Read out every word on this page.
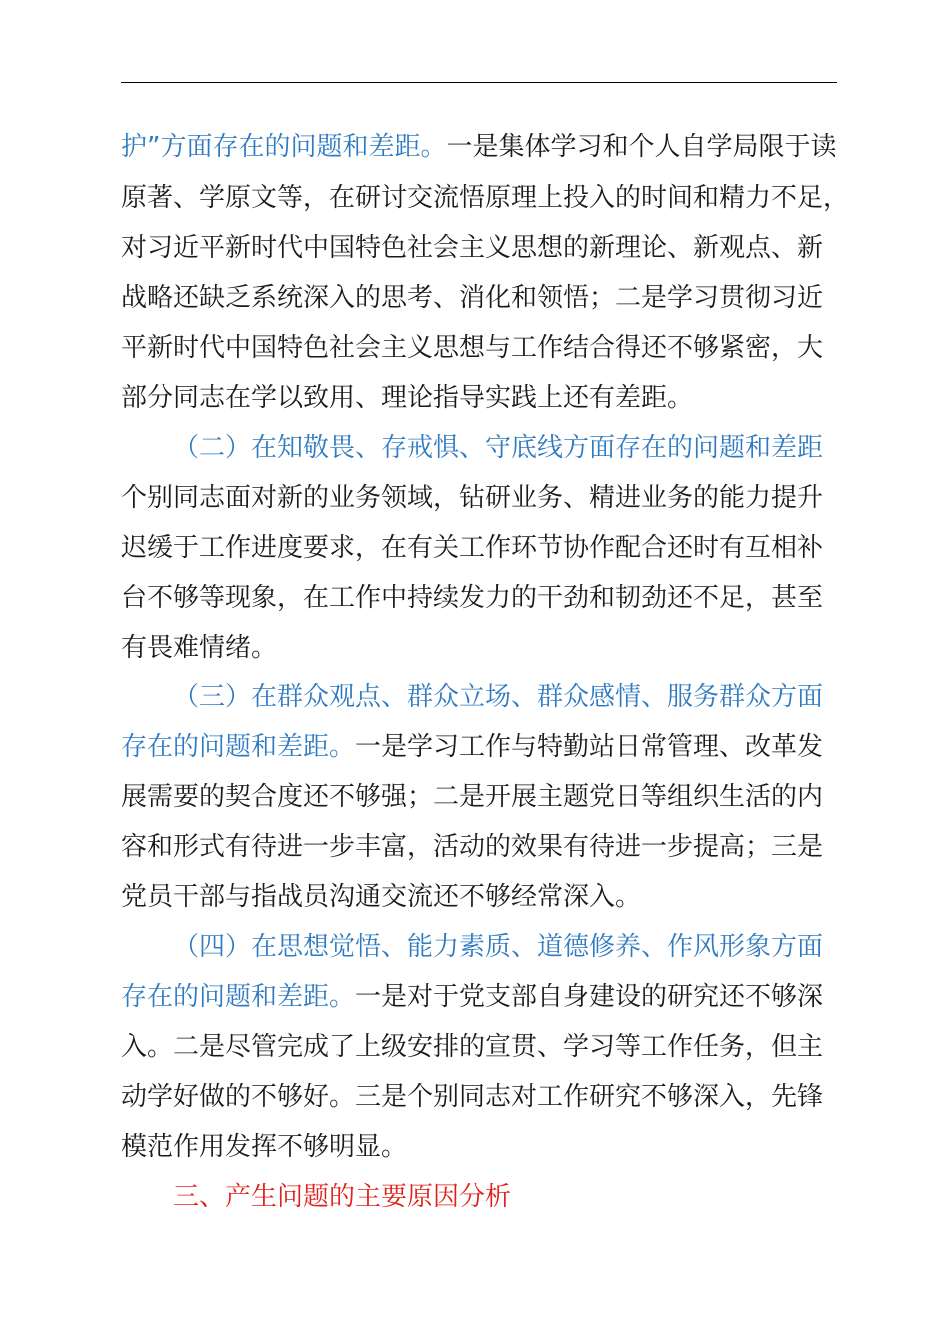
护”方面存在的问题和差距。一是集体学习和个人自学局限于读
原著、学原文等，在研讨交流悟原理上投入的时间和精力不足，
对习近平新时代中国特色社会主义思想的新理论、新观点、新
战略还缺乏系统深入的思考、消化和领悟；二是学习贯彻习近
平新时代中国特色社会主义思想与工作结合得还不够紧密，大
部分同志在学以致用、理论指导实践上还有差距。
（二）在知敬畏、存戒惧、守底线方面存在的问题和差距
个别同志面对新的业务领域，钻研业务、精进业务的能力提升
迟缓于工作进度要求，在有关工作环节协作配合还时有互相补
台不够等现象，在工作中持续发力的干劲和韧劲还不足，甚至
有畏难情绪。
（三）在群众观点、群众立场、群众感情、服务群众方面
存在的问题和差距。一是学习工作与特勤站日常管理、改革发
展需要的契合度还不够强；二是开展主题党日等组织生活的内
容和形式有待进一步丰富，活动的效果有待进一步提高；三是
党员干部与指战员沟通交流还不够经常深入。
（四）在思想觉悟、能力素质、道德修养、作风形象方面
存在的问题和差距。一是对于党支部自身建设的研究还不够深
入。二是尽管完成了上级安排的宣贯、学习等工作任务，但主
动学好做的不够好。三是个别同志对工作研究不够深入，先锋
模范作用发挥不够明显。
三、产生问题的主要原因分析
